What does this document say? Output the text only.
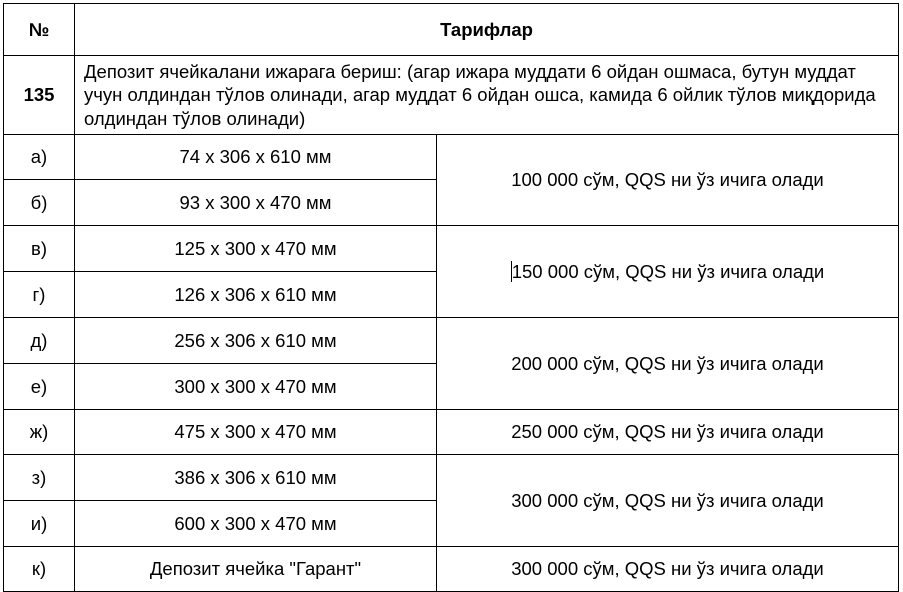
№	Тарифлар	
135	Депозит ячейкалани ижарага бериш: (агар ижара муддати 6 ойдан ошмаса, бутун муддат учун олдиндан тўлов олинади, агар муддат 6 ойдан ошса, камида 6 ойлик тўлов миқдорида олдиндан тўлов олинади)	
а)	74 x 306 x 610 мм	100 000 сўм, QQS ни ўз ичига олади
б)	93 x 300 x 470 мм	
в)	125 x 300 x 470 мм	150 000 сўм, QQS ни ўз ичига олади
г)	126 x 306 x 610 мм	
д)	256 x 306 x 610 мм	200 000 сўм, QQS ни ўз ичига олади
е)	300 x 300 x 470 мм	
ж)	475 x 300 x 470 мм	250 000 сўм, QQS ни ўз ичига олади
з)	386 x 306 x 610 мм	300 000 сўм, QQS ни ўз ичига олади
и)	600 x 300 x 470 мм	
к)	Депозит ячейка "Гарант"	300 000 сўм, QQS ни ўз ичига олади
